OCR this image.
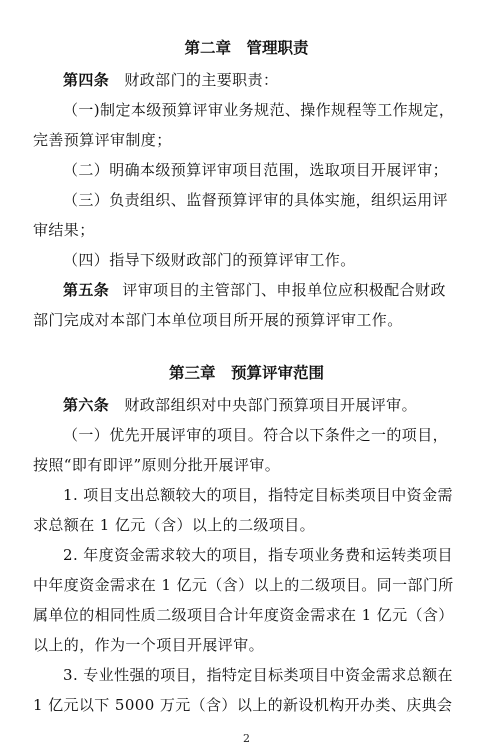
第二章　管理职责
第四条 财政部门的主要职责：
（一)制定本级预算评审业务规范、操作规程等工作规定，
完善预算评审制度；
（二）明确本级预算评审项目范围，选取项目开展评审；
（三）负责组织、监督预算评审的具体实施，组织运用评
审结果；
（四）指导下级财政部门的预算评审工作。
第五条 评审项目的主管部门、申报单位应积极配合财政
部门完成对本部门本单位项目所开展的预算评审工作。
第三章　预算评审范围
第六条 财政部组织对中央部门预算项目开展评审。
（一）优先开展评审的项目。符合以下条件之一的项目，
按照“即有即评”原则分批开展评审。
1. 项目支出总额较大的项目，指特定目标类项目中资金需
求总额在 1 亿元（含）以上的二级项目。
2. 年度资金需求较大的项目，指专项业务费和运转类项目
中年度资金需求在 1 亿元（含）以上的二级项目。同一部门所
属单位的相同性质二级项目合计年度资金需求在 1 亿元（含）
以上的，作为一个项目开展评审。
3. 专业性强的项目，指特定目标类项目中资金需求总额在
1 亿元以下 5000 万元（含）以上的新设机构开办类、庆典会
2
